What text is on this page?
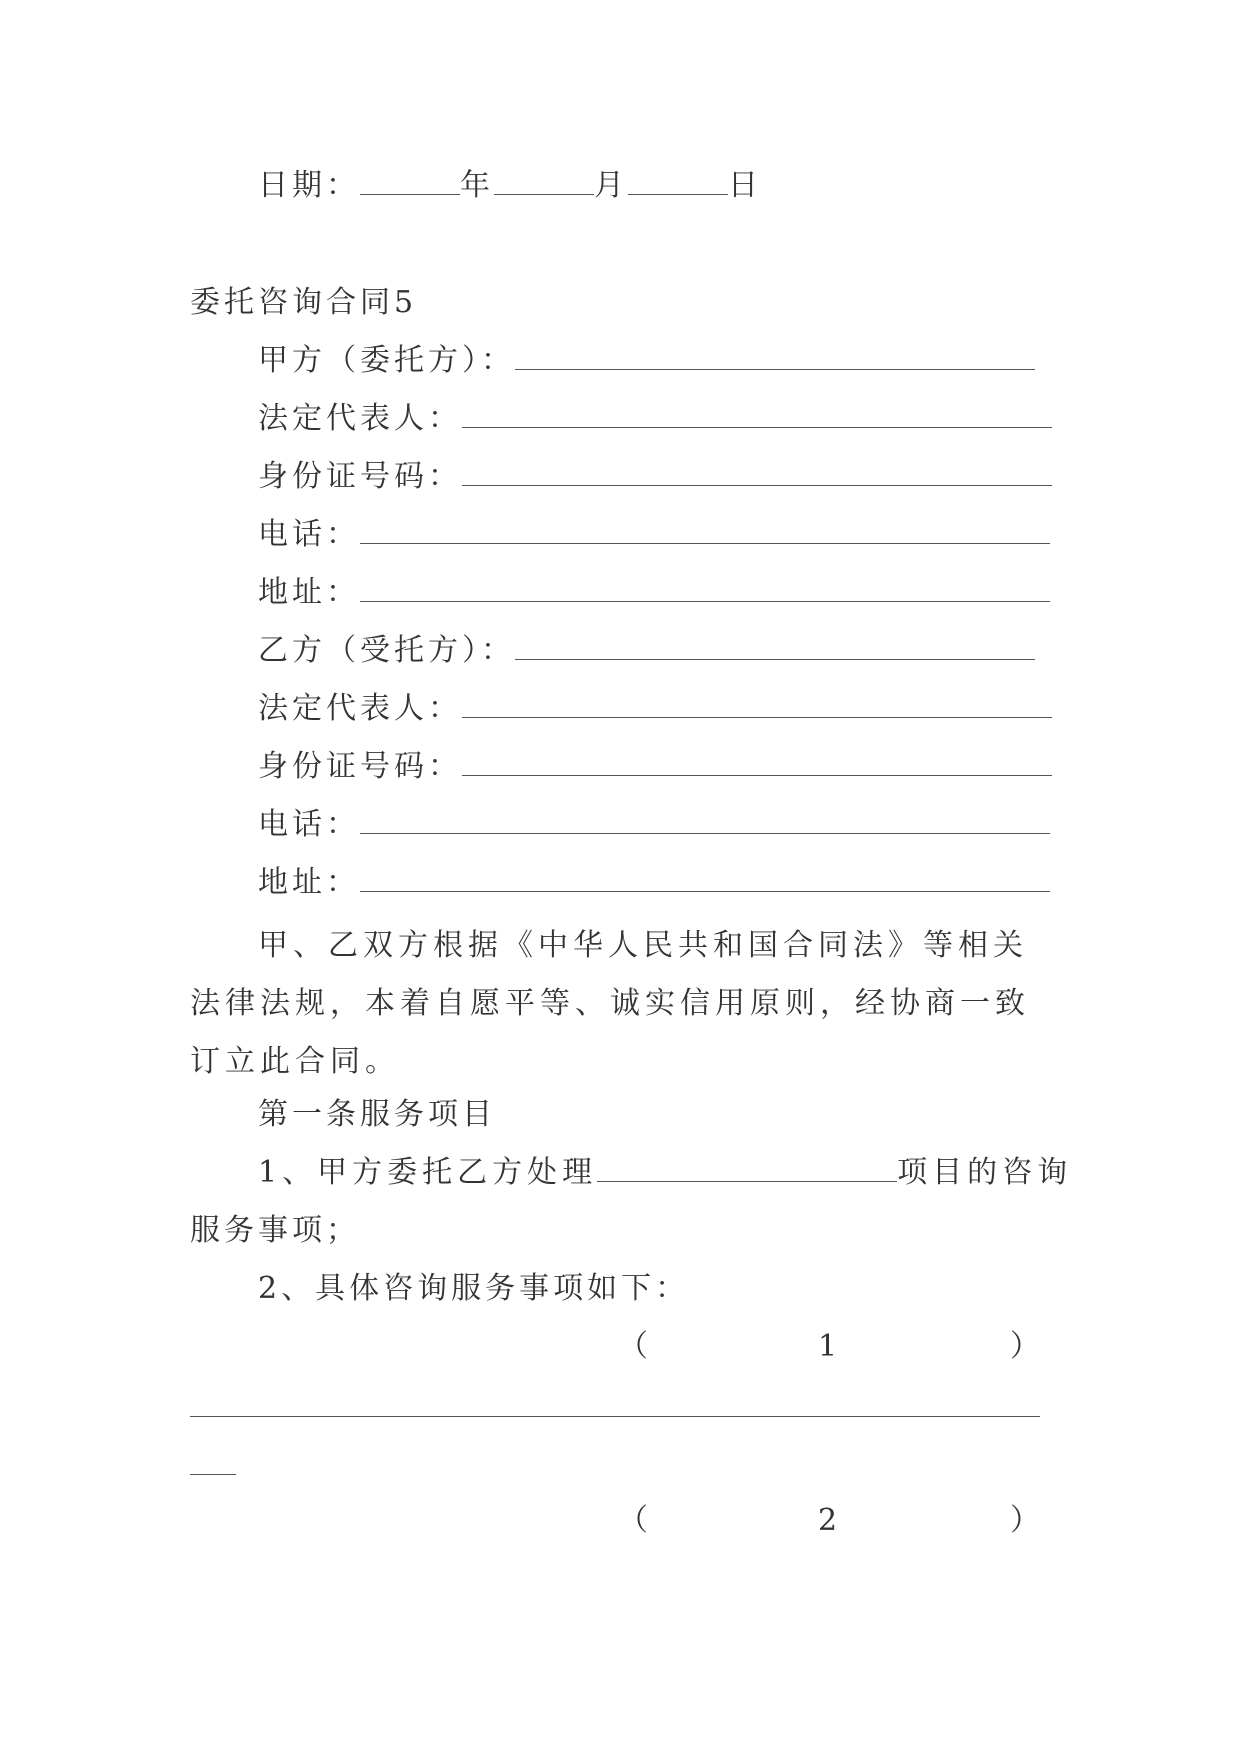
日期：	年	月	日
委托咨询合同5
甲方（委托方）：
法定代表人：
身份证号码：
电话：
地址：
乙方（受托方）：
法定代表人：
身份证号码：
电话：
地址：
甲、乙双方根据《中华人民共和国合同法》等相关法律法规，本着自愿平等、诚实信用原则，经协商一致订立此合同。
第一条服务项目
1、甲方委托乙方处理	项目的咨询
服务事项；
2、具体咨询服务事项如下：
（	1	）
（	2	）
